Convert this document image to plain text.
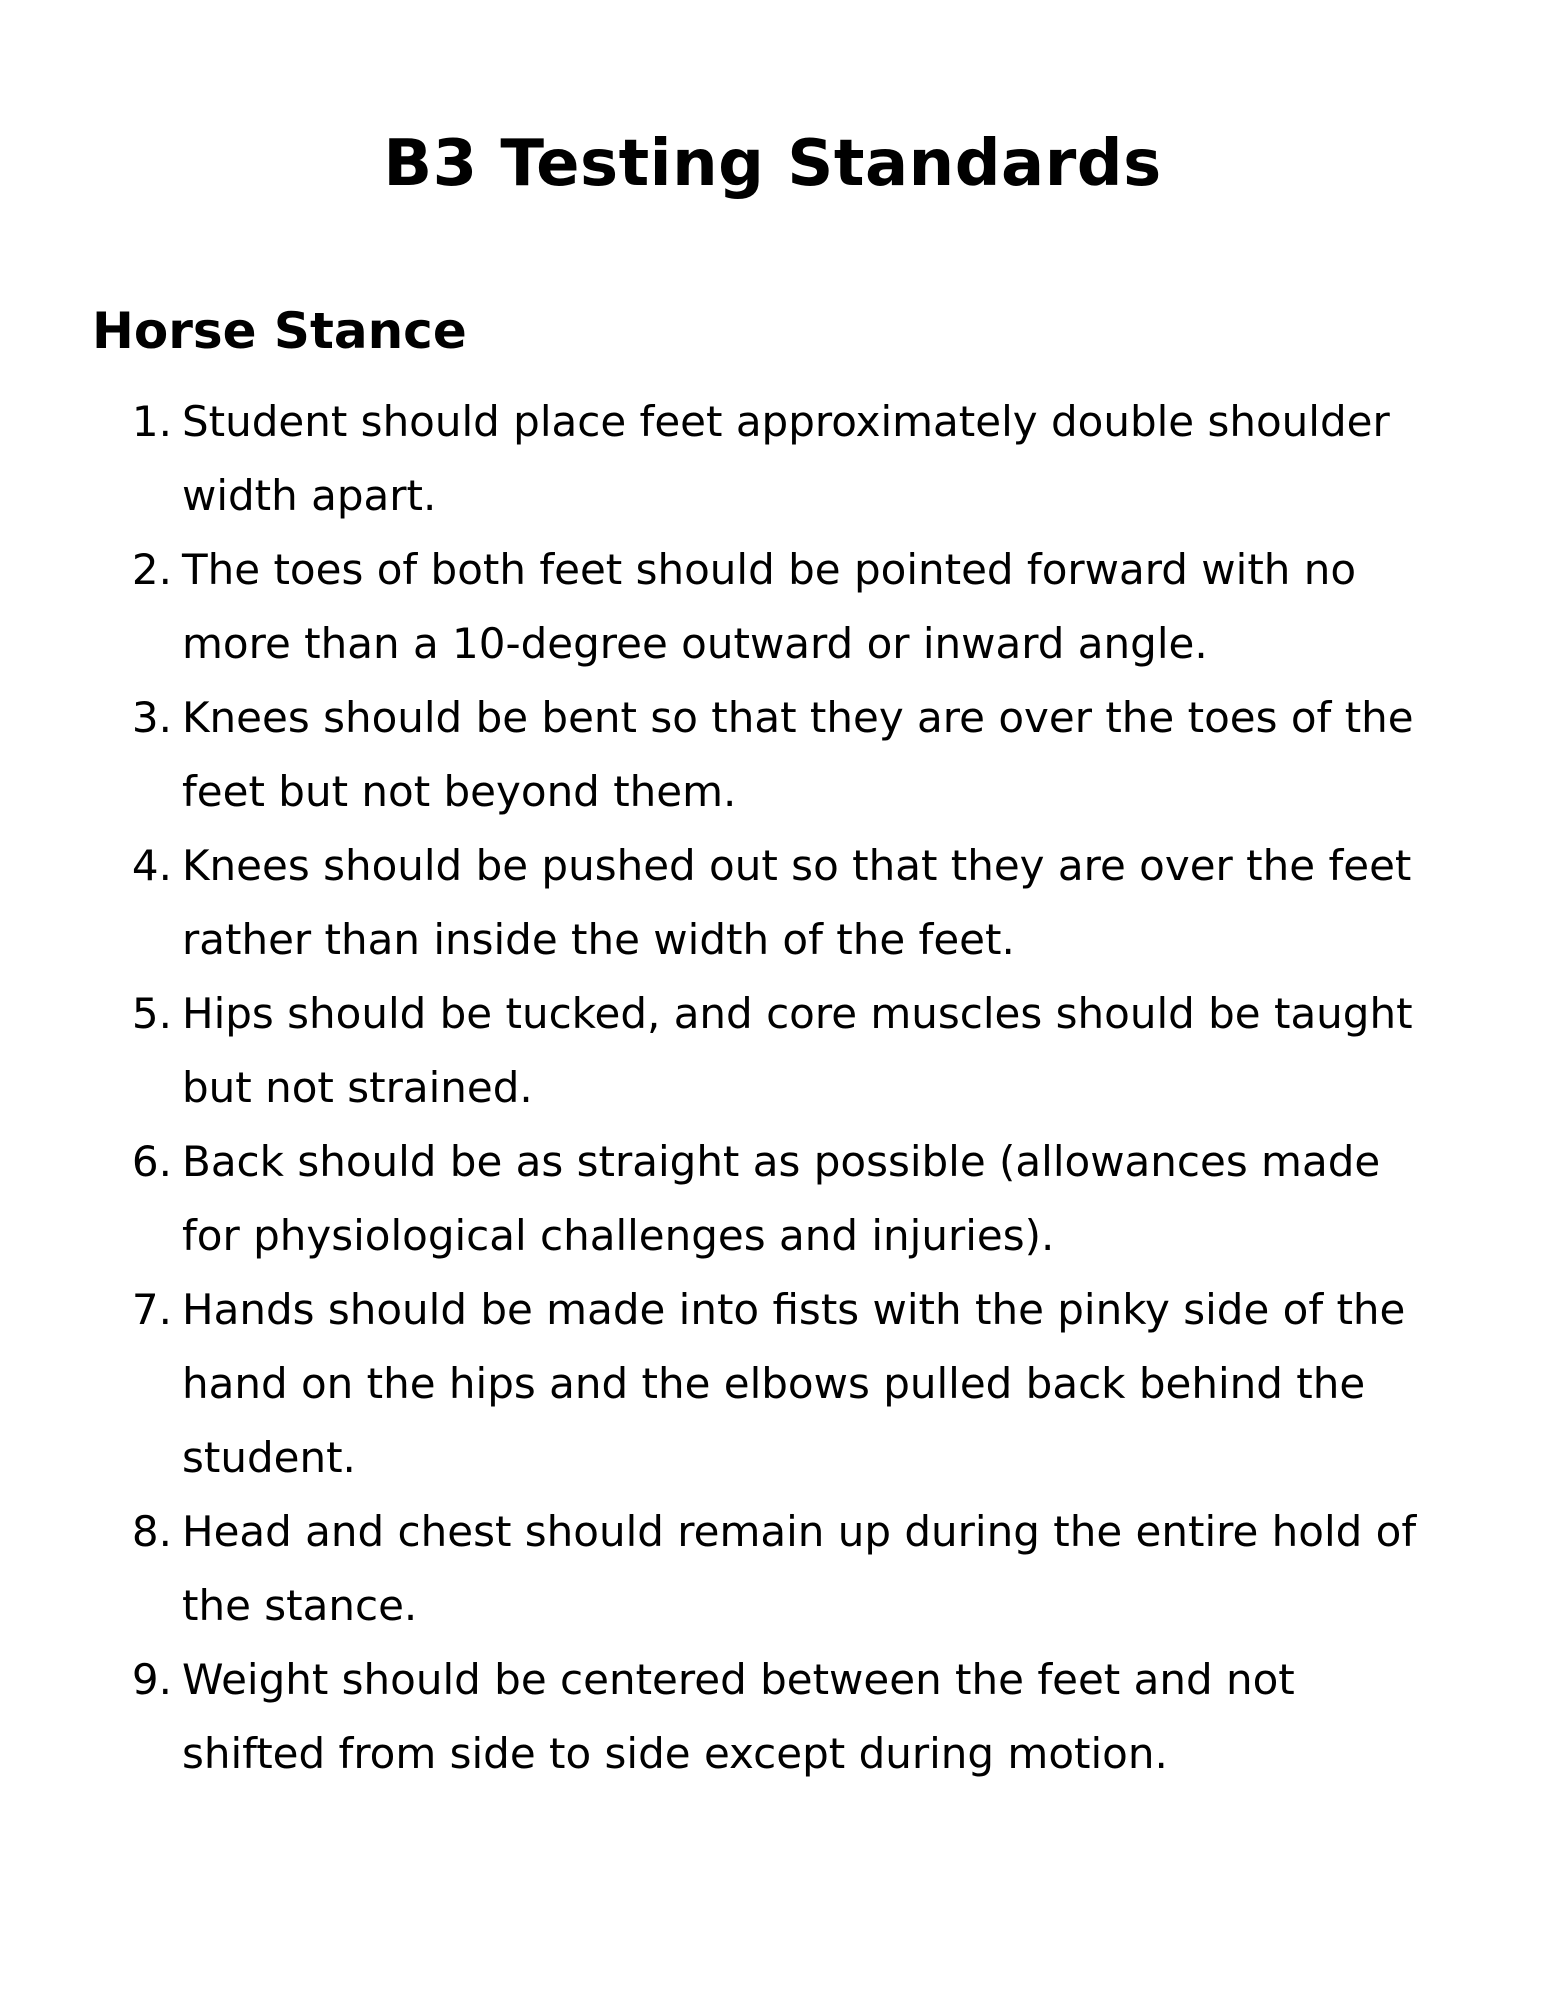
B3 Testing Standards
Horse Stance
1. Student should place feet approximately double shoulder width apart.
2. The toes of both feet should be pointed forward with no more than a 10-degree outward or inward angle.
3. Knees should be bent so that they are over the toes of the feet but not beyond them.
4. Knees should be pushed out so that they are over the feet rather than inside the width of the feet.
5. Hips should be tucked, and core muscles should be taught but not strained.
6. Back should be as straight as possible (allowances made for physiological challenges and injuries).
7. Hands should be made into fists with the pinky side of the hand on the hips and the elbows pulled back behind the student.
8. Head and chest should remain up during the entire hold of the stance.
9. Weight should be centered between the feet and not shifted from side to side except during motion.
